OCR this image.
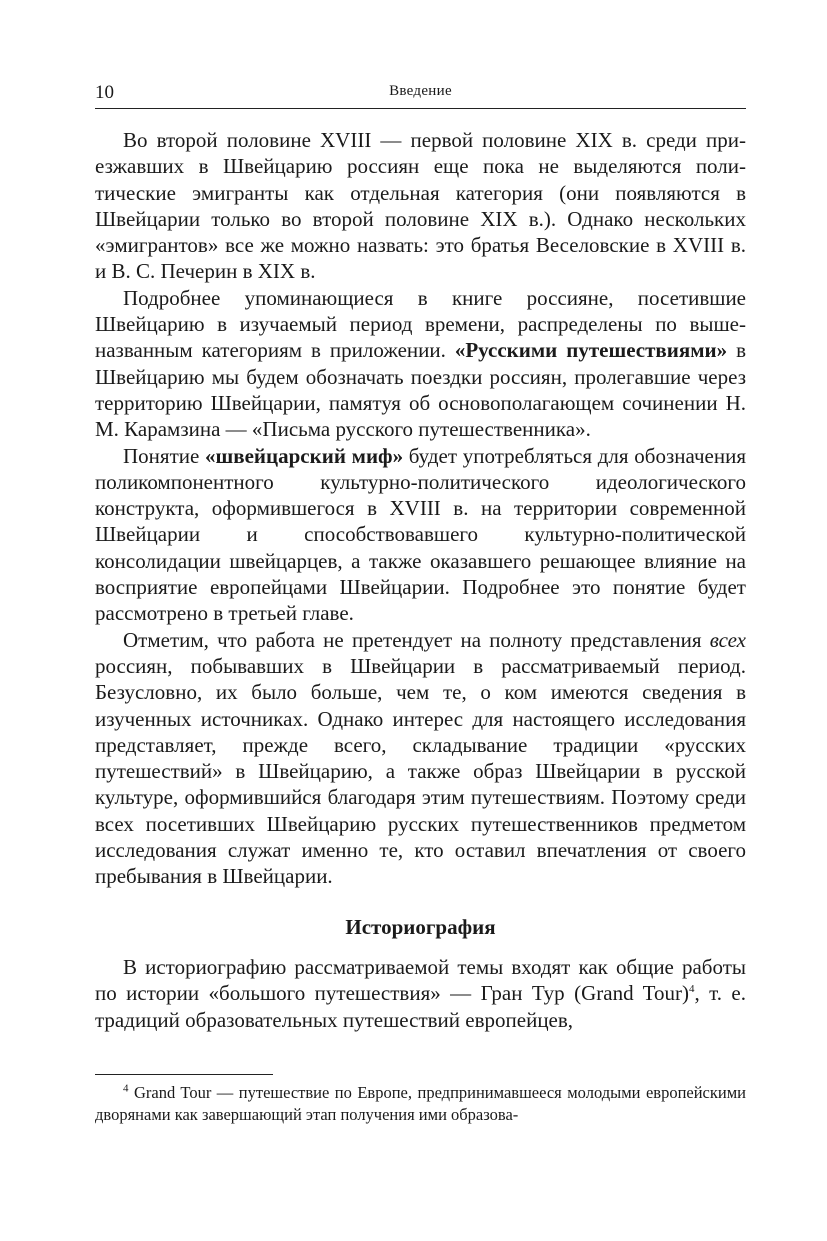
10	Введение

Во второй половине XVIII — первой половине XIX в. среди приезжавших в Швейцарию россиян еще пока не выделяются политические эмигранты как отдельная категория (они появляются в Швейцарии только во второй половине XIX в.). Однако нескольких «эмигрантов» все же можно назвать: это братья Веселовские в XVIII в. и В. С. Печерин в XIX в.

Подробнее упоминающиеся в книге россияне, посетившие Швейцарию в изучаемый период времени, распределены по вышеназванным категориям в приложении. «Русскими путешествиями» в Швейцарию мы будем обозначать поездки россиян, пролегавшие через территорию Швейцарии, памятуя об основополагающем сочинении Н. М. Карамзина — «Письма русского путешественника».

Понятие «швейцарский миф» будет употребляться для обозначения поликомпонентного культурно-политического идеологического конструкта, оформившегося в XVIII в. на территории современной Швейцарии и способствовавшего культурно-политической консолидации швейцарцев, а также оказавшего решающее влияние на восприятие европейцами Швейцарии. Подробнее это понятие будет рассмотрено в третьей главе.

Отметим, что работа не претендует на полноту представления всех россиян, побывавших в Швейцарии в рассматриваемый период. Безусловно, их было больше, чем те, о ком имеются сведения в изученных источниках. Однако интерес для настоящего исследования представляет, прежде всего, складывание традиции «русских путешествий» в Швейцарию, а также образ Швейцарии в русской культуре, оформившийся благодаря этим путешествиям. Поэтому среди всех посетивших Швейцарию русских путешественников предметом исследования служат именно те, кто оставил впечатления от своего пребывания в Швейцарии.

Историография

В историографию рассматриваемой темы входят как общие работы по истории «большого путешествия» — Гран Тур (Grand Tour)$^4$, т. е. традиций образовательных путешествий европейцев,

$^4$ Grand Tour — путешествие по Европе, предпринимавшееся молодыми европейскими дворянами как завершающий этап получения ими образова-
